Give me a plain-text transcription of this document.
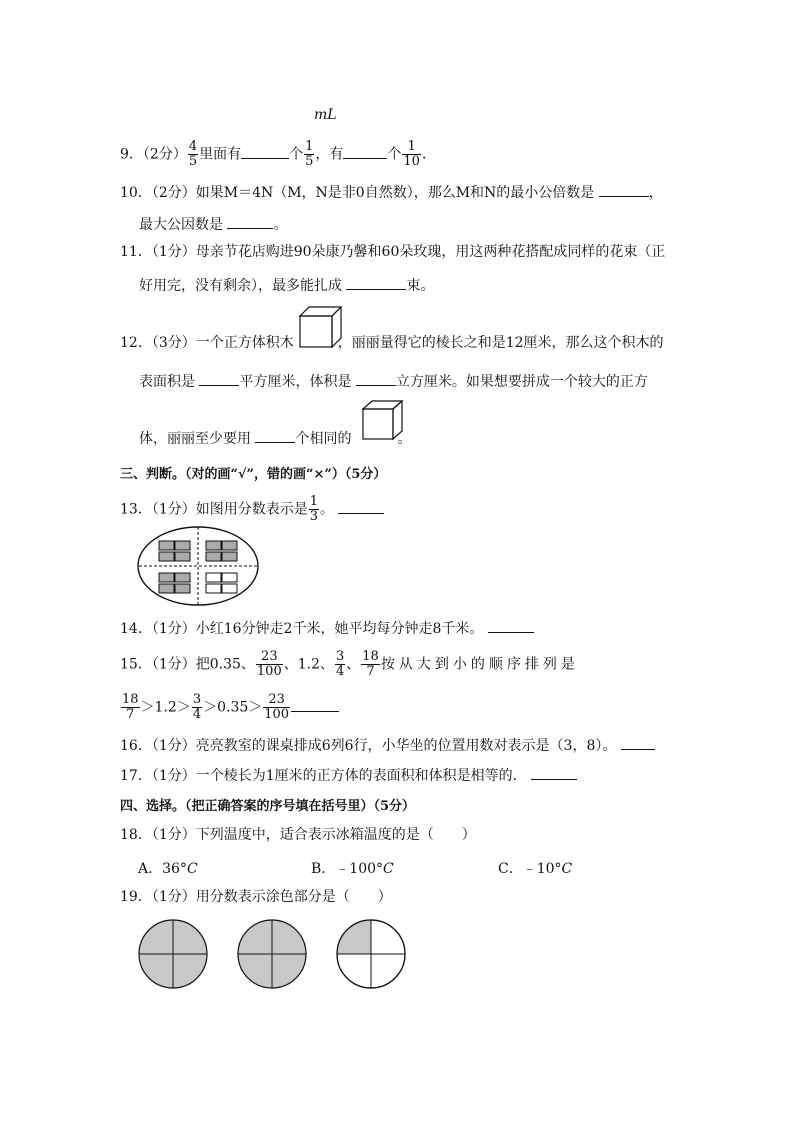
mL
9．（2分） $\frac{4}{5}$ 里面有	个 $\frac{1}{5}$ ，有	个 $\frac{1}{10}$ ．
10．（2分）如果M＝4N（M，N是非0自然数），那么M和N的最小公倍数是	，
最大公因数是	。
11．（1分）母亲节花店购进90朵康乃馨和60朵玫瑰，用这两种花搭配成同样的花束（正
好用完，没有剩余），最多能扎成	束。
12．（3分）一个正方体积木	，丽丽量得它的棱长之和是12厘米，那么这个积木的
表面积是	平方厘米，体积是	立方厘米。如果想要拼成一个较大的正方
体，丽丽至少要用	个相同的	。
三、判断。（对的画“√”，错的画“×”）（5分）
13．（1分）如图用分数表示是 $\frac{1}{3}$ 。
14．（1分）小红16分钟走2千米，她平均每分钟走8千米。
15．（1分）把0.35、 $\frac{23}{100}$ 、1.2、 $\frac{3}{4}$ 、 $\frac{18}{7}$ 按从大到小的顺序排列是
$\frac{18}{7} >1.2> \frac{3}{4} >0.35> \frac{23}{100}$
16．（1分）亮亮教室的课桌排成6列6行，小华坐的位置用数对表示是（3，8）。
17．（1分）一个棱长为1厘米的正方体的表面积和体积是相等的．
四、选择。（把正确答案的序号填在括号里）（5分）
18．（1分）下列温度中，适合表示冰箱温度的是（　　）
A．36°C	B．﹣100°C	C．﹣10°C
19．（1分）用分数表示涂色部分是（　　）
